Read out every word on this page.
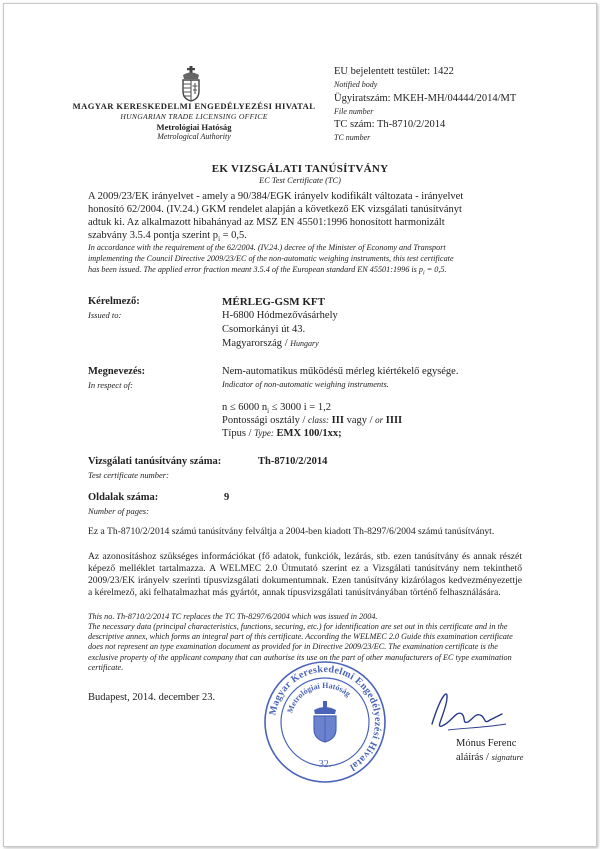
MAGYAR KERESKEDELMI ENGEDÉLYEZÉSI HIVATAL
HUNGARIAN TRADE LICENSING OFFICE
Metrológiai Hatóság
Metrological Authority
EU bejelentett testület: 1422
Notified body
Ügyiratszám: MKEH-MH/04444/2014/MT
File number
TC szám: Th-8710/2/2014
TC number
EK VIZSGÁLATI TANÚSÍTVÁNY
EC Test Certificate (TC)
A 2009/23/EK irányelvet - amely a 90/384/EGK irányelv kodifikált változata - irányelvet
honosító 62/2004. (IV.24.) GKM rendelet alapján a következő EK vizsgálati tanúsítványt
adtuk ki. Az alkalmazott hibahányad az MSZ EN 45501:1996 honosított harmonizált
szabvány 3.5.4 pontja szerint $p_i = 0,5$.
In accordance with the requirement of the 62/2004. (IV.24.) decree of the Minister of Economy and Transport
implementing the Council Directive 2009/23/EC of the non-automatic weighing instruments, this test certificate
has been issued. The applied error fraction meant 3.5.4 of the European standard EN 45501:1996 is $p_i = 0,5$.
Kérelmező:
Issued to:
MÉRLEG-GSM KFT
H-6800 Hódmezővásárhely
Csomorkányi út 43.
Magyarország / Hungary
Megnevezés:
In respect of:
Nem-automatikus működésű mérleg kiértékelő egysége.
Indicator of non-automatic weighing instruments.
n ≤ 6000 $n_i \le 3000$ i = 1,2
Pontossági osztály / class: III vagy / or IIII
Típus / Type: EMX 100/1xx;
Vizsgálati tanúsítvány száma:
Test certificate number:
Th-8710/2/2014
Oldalak száma:
Number of pages:
9
Ez a Th-8710/2/2014 számú tanúsítvány felváltja a 2004-ben kiadott Th-8297/6/2004 számú tanúsítványt.
Az azonosításhoz szükséges információkat (fő adatok, funkciók, lezárás, stb. ezen tanúsítvány és annak részét képező melléklet tartalmazza. A WELMEC 2.0 Útmutató szerint ez a Vizsgálati tanúsítvány nem tekinthető 2009/23/EK irányelv szerinti típusvizsgálati dokumentumnak. Ezen tanúsítvány kizárólagos kedvezményezettje a kérelmező, aki felhatalmazhat más gyártót, annak típusvizsgálati tanúsítványában történő felhasználására.
This no. Th-8710/2/2014 TC replaces the TC Th-8297/6/2004 which was issued in 2004.
The necessary data (principal characteristics, functions, securing, etc.) for identification are set out in this certificate and in the descriptive annex, which forms an integral part of this certificate. According the WELMEC 2.0 Guide this examination certificate does not represent an type examination document as provided for in Directive 2009/23/EC. The examination certificate is the exclusive property of the applicant company that can authorise its use on the part of other manufacturers of EC type examination certificate.
Budapest, 2014. december 23.
Magyar Kereskedelmi Engedélyezési Hivatal
Metrológiai Hatóság
32.
Mónus Ferenc
aláírás / signature
